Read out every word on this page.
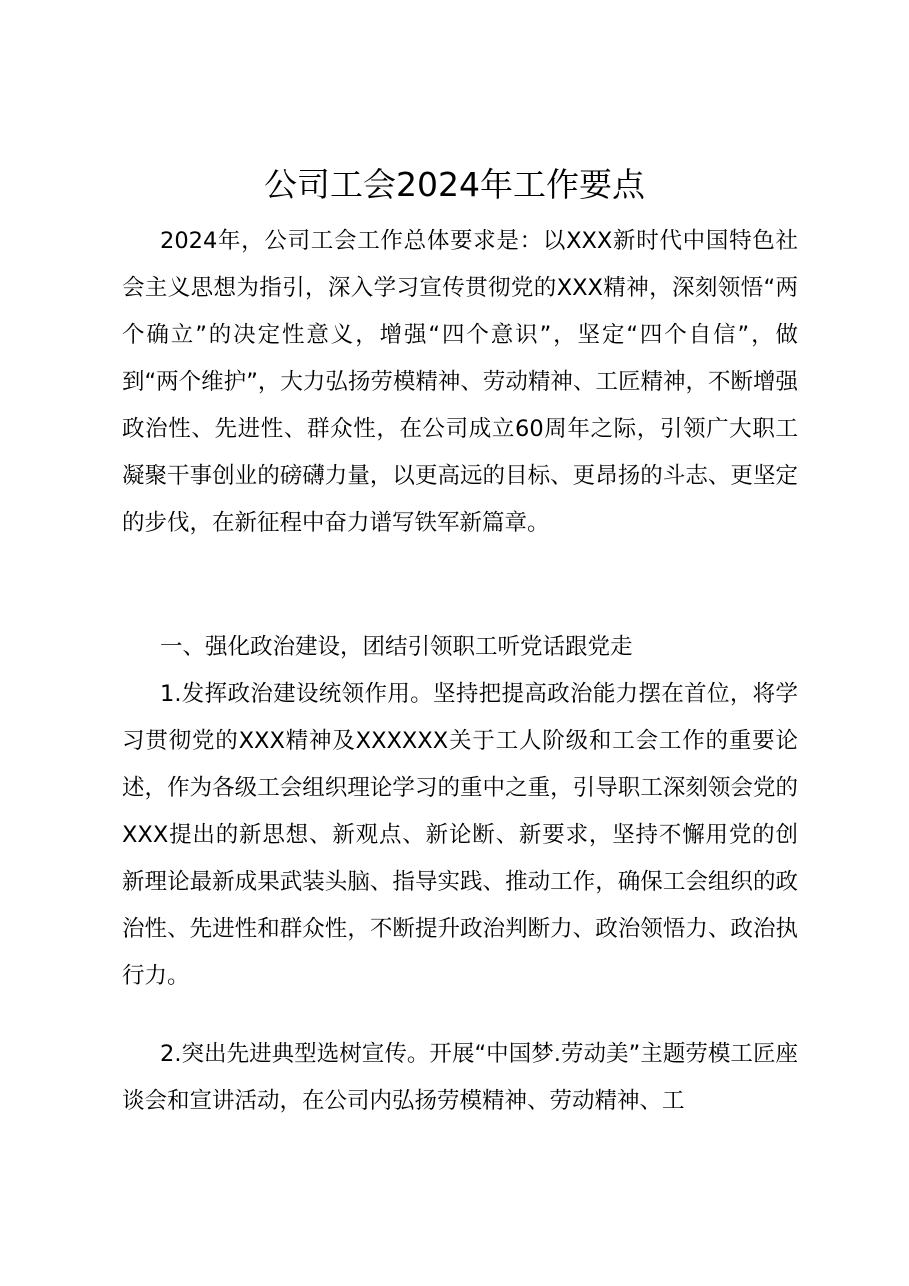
公司工会2024年工作要点

2024年，公司工会工作总体要求是：以XXX新时代中国特色社会主义思想为指引，深入学习宣传贯彻党的XXX精神，深刻领悟“两个确立”的决定性意义，增强“四个意识”，坚定“四个自信”，做到“两个维护”，大力弘扬劳模精神、劳动精神、工匠精神，不断增强政治性、先进性、群众性，在公司成立60周年之际，引领广大职工凝聚干事创业的磅礴力量，以更高远的目标、更昂扬的斗志、更坚定的步伐，在新征程中奋力谱写铁军新篇章。

一、强化政治建设，团结引领职工听党话跟党走

1.发挥政治建设统领作用。坚持把提高政治能力摆在首位，将学习贯彻党的XXX精神及XXXXXX关于工人阶级和工会工作的重要论述，作为各级工会组织理论学习的重中之重，引导职工深刻领会党的XXX提出的新思想、新观点、新论断、新要求，坚持不懈用党的创新理论最新成果武装头脑、指导实践、推动工作，确保工会组织的政治性、先进性和群众性，不断提升政治判断力、政治领悟力、政治执行力。

2.突出先进典型选树宣传。开展“中国梦.劳动美”主题劳模工匠座谈会和宣讲活动，在公司内弘扬劳模精神、劳动精神、工
